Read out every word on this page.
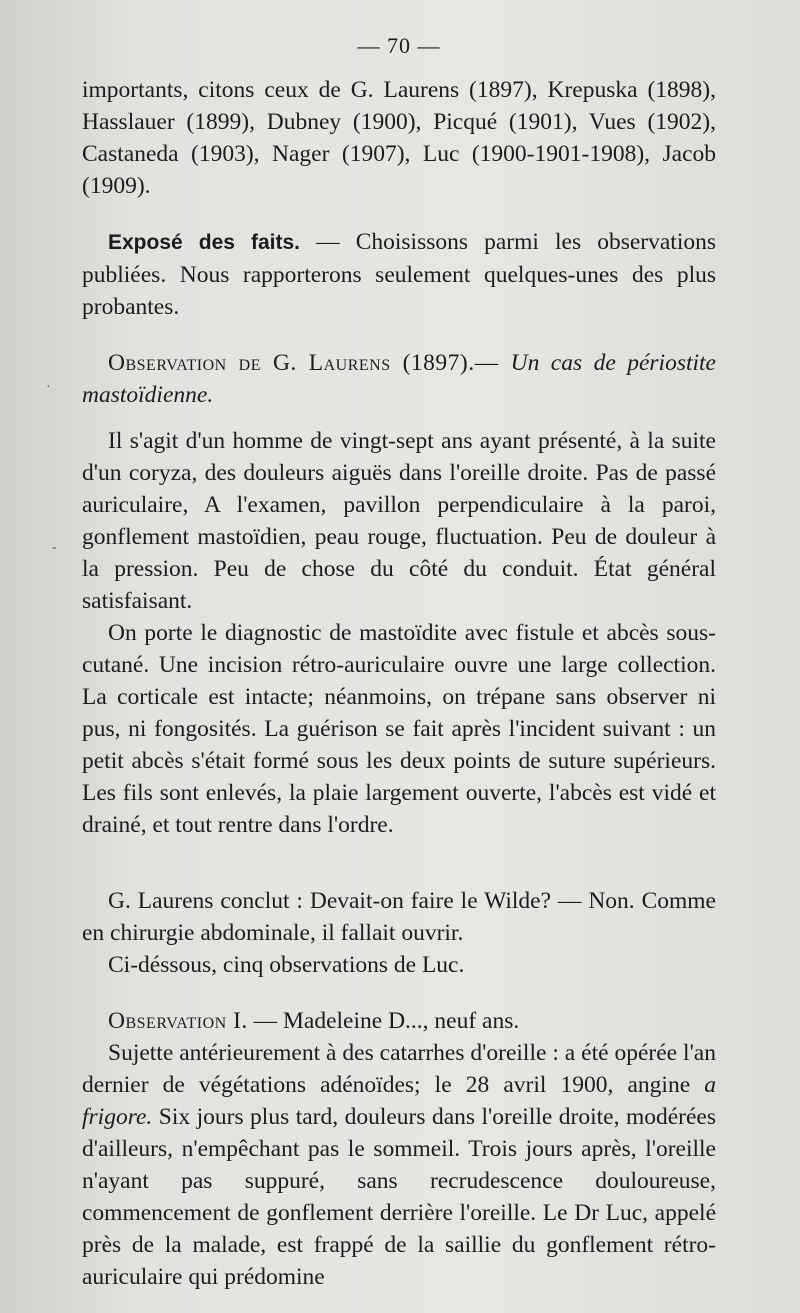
·
-
— 70 —

importants, citons ceux de G. Laurens (1897), Krepuska (1898), Hasslauer (1899), Dubney (1900), Picqué (1901), Vues (1902), Castaneda (1903), Nager (1907), Luc (1900-1901-1908), Jacob (1909).

Exposé des faits. — Choisissons parmi les observations publiées. Nous rapporterons seulement quelques-unes des plus probantes.

Observation de G. Laurens (1897).— Un cas de périostite mastoïdienne.

Il s'agit d'un homme de vingt-sept ans ayant présenté, à la suite d'un coryza, des douleurs aiguës dans l'oreille droite. Pas de passé auriculaire, A l'examen, pavillon perpendiculaire à la paroi, gonflement mastoïdien, peau rouge, fluctuation. Peu de douleur à la pression. Peu de chose du côté du conduit. État général satisfaisant.

On porte le diagnostic de mastoïdite avec fistule et abcès sous-cutané. Une incision rétro-auriculaire ouvre une large collection. La corticale est intacte; néanmoins, on trépane sans observer ni pus, ni fongosités. La guérison se fait après l'incident suivant : un petit abcès s'était formé sous les deux points de suture supérieurs. Les fils sont enlevés, la plaie largement ouverte, l'abcès est vidé et drainé, et tout rentre dans l'ordre.

G. Laurens conclut : Devait-on faire le Wilde? — Non. Comme en chirurgie abdominale, il fallait ouvrir.

Ci-déssous, cinq observations de Luc.

Observation I. — Madeleine D..., neuf ans.

Sujette antérieurement à des catarrhes d'oreille : a été opérée l'an dernier de végétations adénoïdes; le 28 avril 1900, angine a frigore. Six jours plus tard, douleurs dans l'oreille droite, modérées d'ailleurs, n'empêchant pas le sommeil. Trois jours après, l'oreille n'ayant pas suppuré, sans recrudescence douloureuse, commencement de gonflement derrière l'oreille. Le Dr Luc, appelé près de la malade, est frappé de la saillie du gonflement rétro-auriculaire qui prédomine
